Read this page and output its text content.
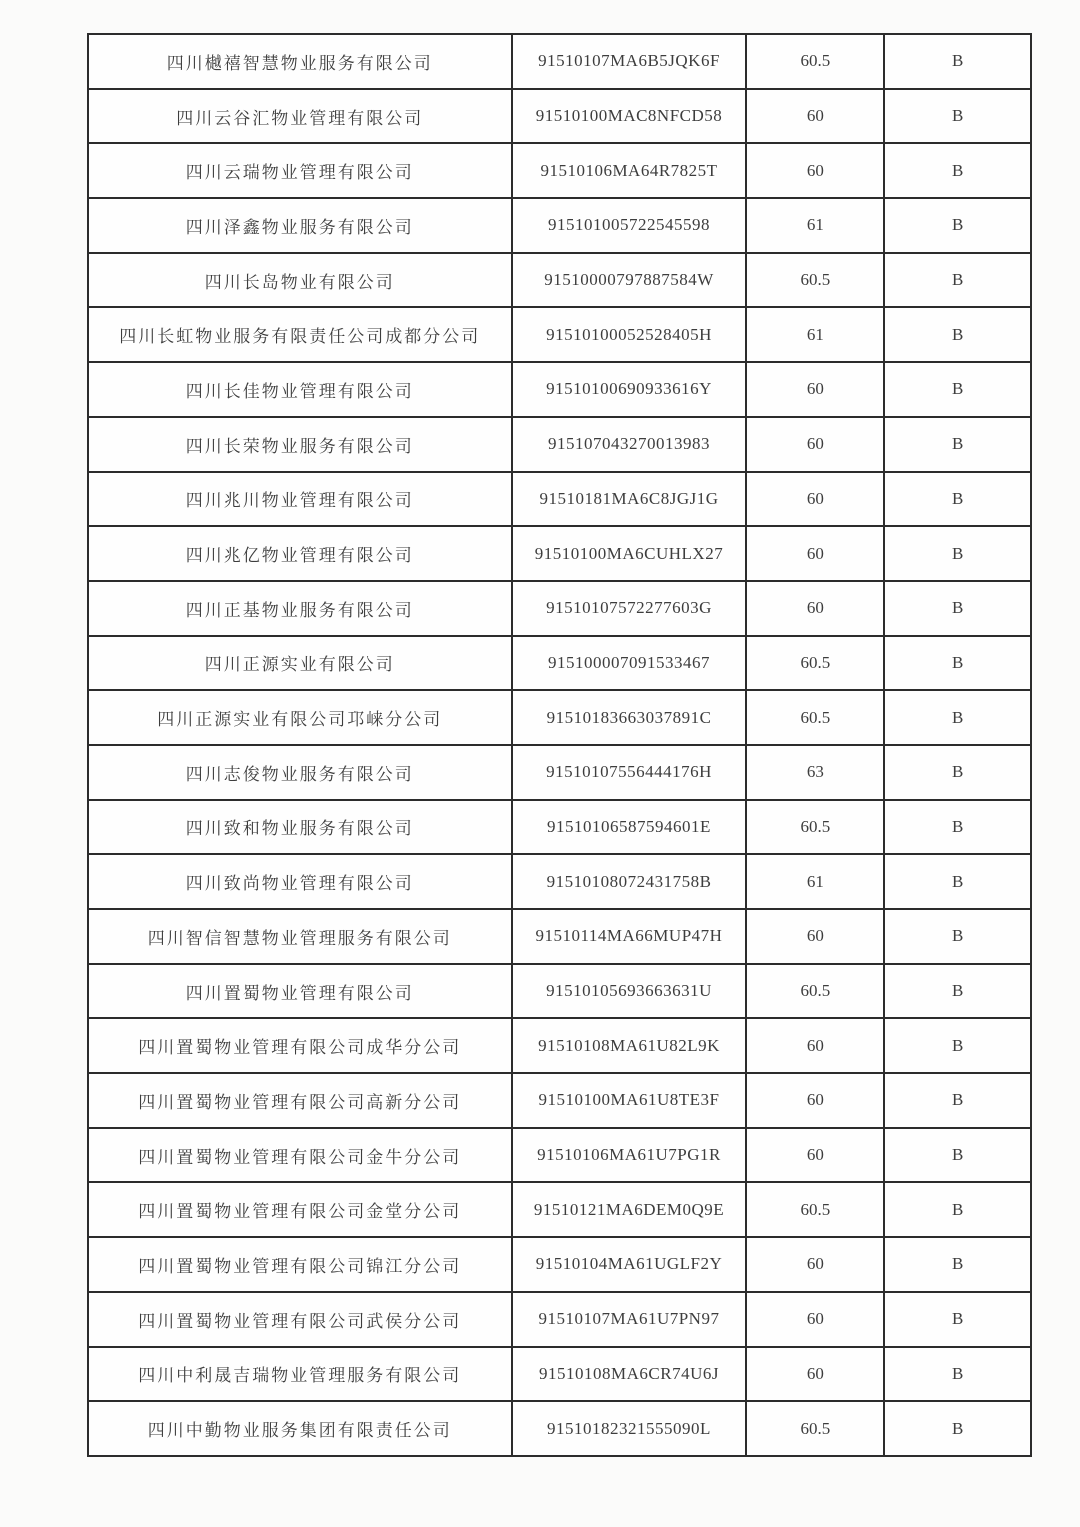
四川樾禧智慧物业服务有限公司	91510107MA6B5JQK6F	60.5	B
四川云谷汇物业管理有限公司	91510100MAC8NFCD58	60	B
四川云瑞物业管理有限公司	91510106MA64R7825T	60	B
四川泽鑫物业服务有限公司	915101005722545598	61	B
四川长岛物业有限公司	91510000797887584W	60.5	B
四川长虹物业服务有限责任公司成都分公司	91510100052528405H	61	B
四川长佳物业管理有限公司	91510100690933616Y	60	B
四川长荣物业服务有限公司	915107043270013983	60	B
四川兆川物业管理有限公司	91510181MA6C8JGJ1G	60	B
四川兆亿物业管理有限公司	91510100MA6CUHLX27	60	B
四川正基物业服务有限公司	91510107572277603G	60	B
四川正源实业有限公司	915100007091533467	60.5	B
四川正源实业有限公司邛崃分公司	91510183663037891C	60.5	B
四川志俊物业服务有限公司	91510107556444176H	63	B
四川致和物业服务有限公司	91510106587594601E	60.5	B
四川致尚物业管理有限公司	91510108072431758B	61	B
四川智信智慧物业管理服务有限公司	91510114MA66MUP47H	60	B
四川置蜀物业管理有限公司	91510105693663631U	60.5	B
四川置蜀物业管理有限公司成华分公司	91510108MA61U82L9K	60	B
四川置蜀物业管理有限公司高新分公司	91510100MA61U8TE3F	60	B
四川置蜀物业管理有限公司金牛分公司	91510106MA61U7PG1R	60	B
四川置蜀物业管理有限公司金堂分公司	91510121MA6DEM0Q9E	60.5	B
四川置蜀物业管理有限公司锦江分公司	91510104MA61UGLF2Y	60	B
四川置蜀物业管理有限公司武侯分公司	91510107MA61U7PN97	60	B
四川中利晟吉瑞物业管理服务有限公司	91510108MA6CR74U6J	60	B
四川中勤物业服务集团有限责任公司	91510182321555090L	60.5	B
